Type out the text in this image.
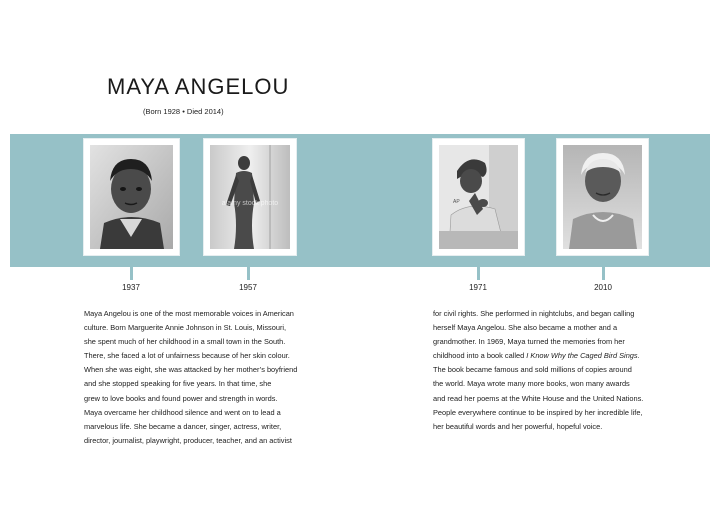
MAYA ANGELOU
(Born 1928 • Died 2014)
alamy stock photo	AP
1937	1957	1971	2010

Maya Angelou is one of the most memorable voices in American
culture. Born Marguerite Annie Johnson in St. Louis, Missouri,
she spent much of her childhood in a small town in the South.
There, she faced a lot of unfairness because of her skin colour.
When she was eight, she was attacked by her mother’s boyfriend
and she stopped speaking for five years. In that time, she
grew to love books and found power and strength in words.
Maya overcame her childhood silence and went on to lead a
marvelous life. She became a dancer, singer, actress, writer,
director, journalist, playwright, producer, teacher, and an activist

for civil rights. She performed in nightclubs, and began calling
herself Maya Angelou. She also became a mother and a
grandmother. In 1969, Maya turned the memories from her
childhood into a book called I Know Why the Caged Bird Sings.
The book became famous and sold millions of copies around
the world. Maya wrote many more books, won many awards
and read her poems at the White House and the United Nations.
People everywhere continue to be inspired by her incredible life,
her beautiful words and her powerful, hopeful voice.
